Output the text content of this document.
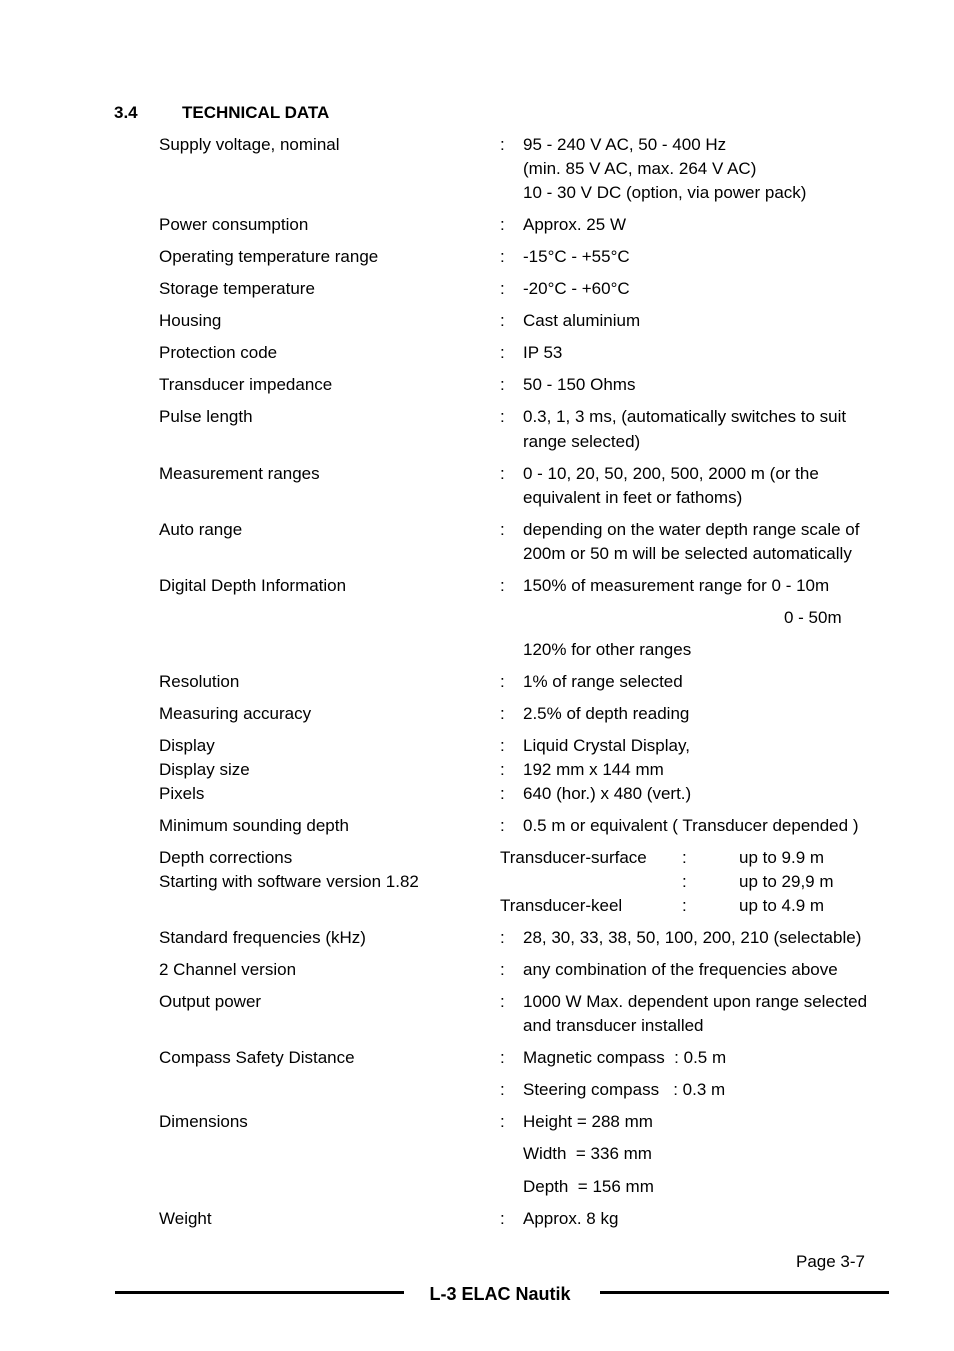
3.4	TECHNICAL DATA
Supply voltage, nominal	: 95 - 240 V AC, 50 - 400 Hz
(min. 85 V AC, max. 264 V AC)
10 - 30 V DC (option, via power pack)
Power consumption	: Approx. 25 W
Operating temperature range	: -15°C - +55°C
Storage temperature	: -20°C - +60°C
Housing	: Cast aluminium
Protection code	: IP 53
Transducer impedance	: 50 - 150 Ohms
Pulse length	: 0.3, 1, 3 ms, (automatically switches to suit
range selected)
Measurement ranges	: 0 - 10, 20, 50, 200, 500, 2000 m (or the
equivalent in feet or fathoms)
Auto range	: depending on the water depth range scale of
200m or 50 m will be selected automatically
Digital Depth Information	: 150% of measurement range for 0 - 10m
0 - 50m
120% for other ranges
Resolution	: 1% of range selected
Measuring accuracy	: 2.5% of depth reading
Display	: Liquid Crystal Display,
Display size	: 192 mm x 144 mm
Pixels	: 640 (hor.) x 480 (vert.)
Minimum sounding depth	: 0.5 m or equivalent ( Transducer depended )
Depth corrections
Starting with software version 1.82
Transducer-surface :	up to 9.9 m
:	up to 29,9 m
Transducer-keel	:	up to 4.9 m
Standard frequencies (kHz)	: 28, 30, 33, 38, 50, 100, 200, 210 (selectable)
2 Channel version	: any combination of the frequencies above
Output power	: 1000 W Max. dependent upon range selected
and transducer installed
Compass Safety Distance	: Magnetic compass  : 0.5 m
: Steering compass   : 0.3 m
Dimensions	: Height = 288 mm
Width  = 336 mm
Depth  = 156 mm
Weight	: Approx. 8 kg
Page 3-7
L-3 ELAC Nautik
